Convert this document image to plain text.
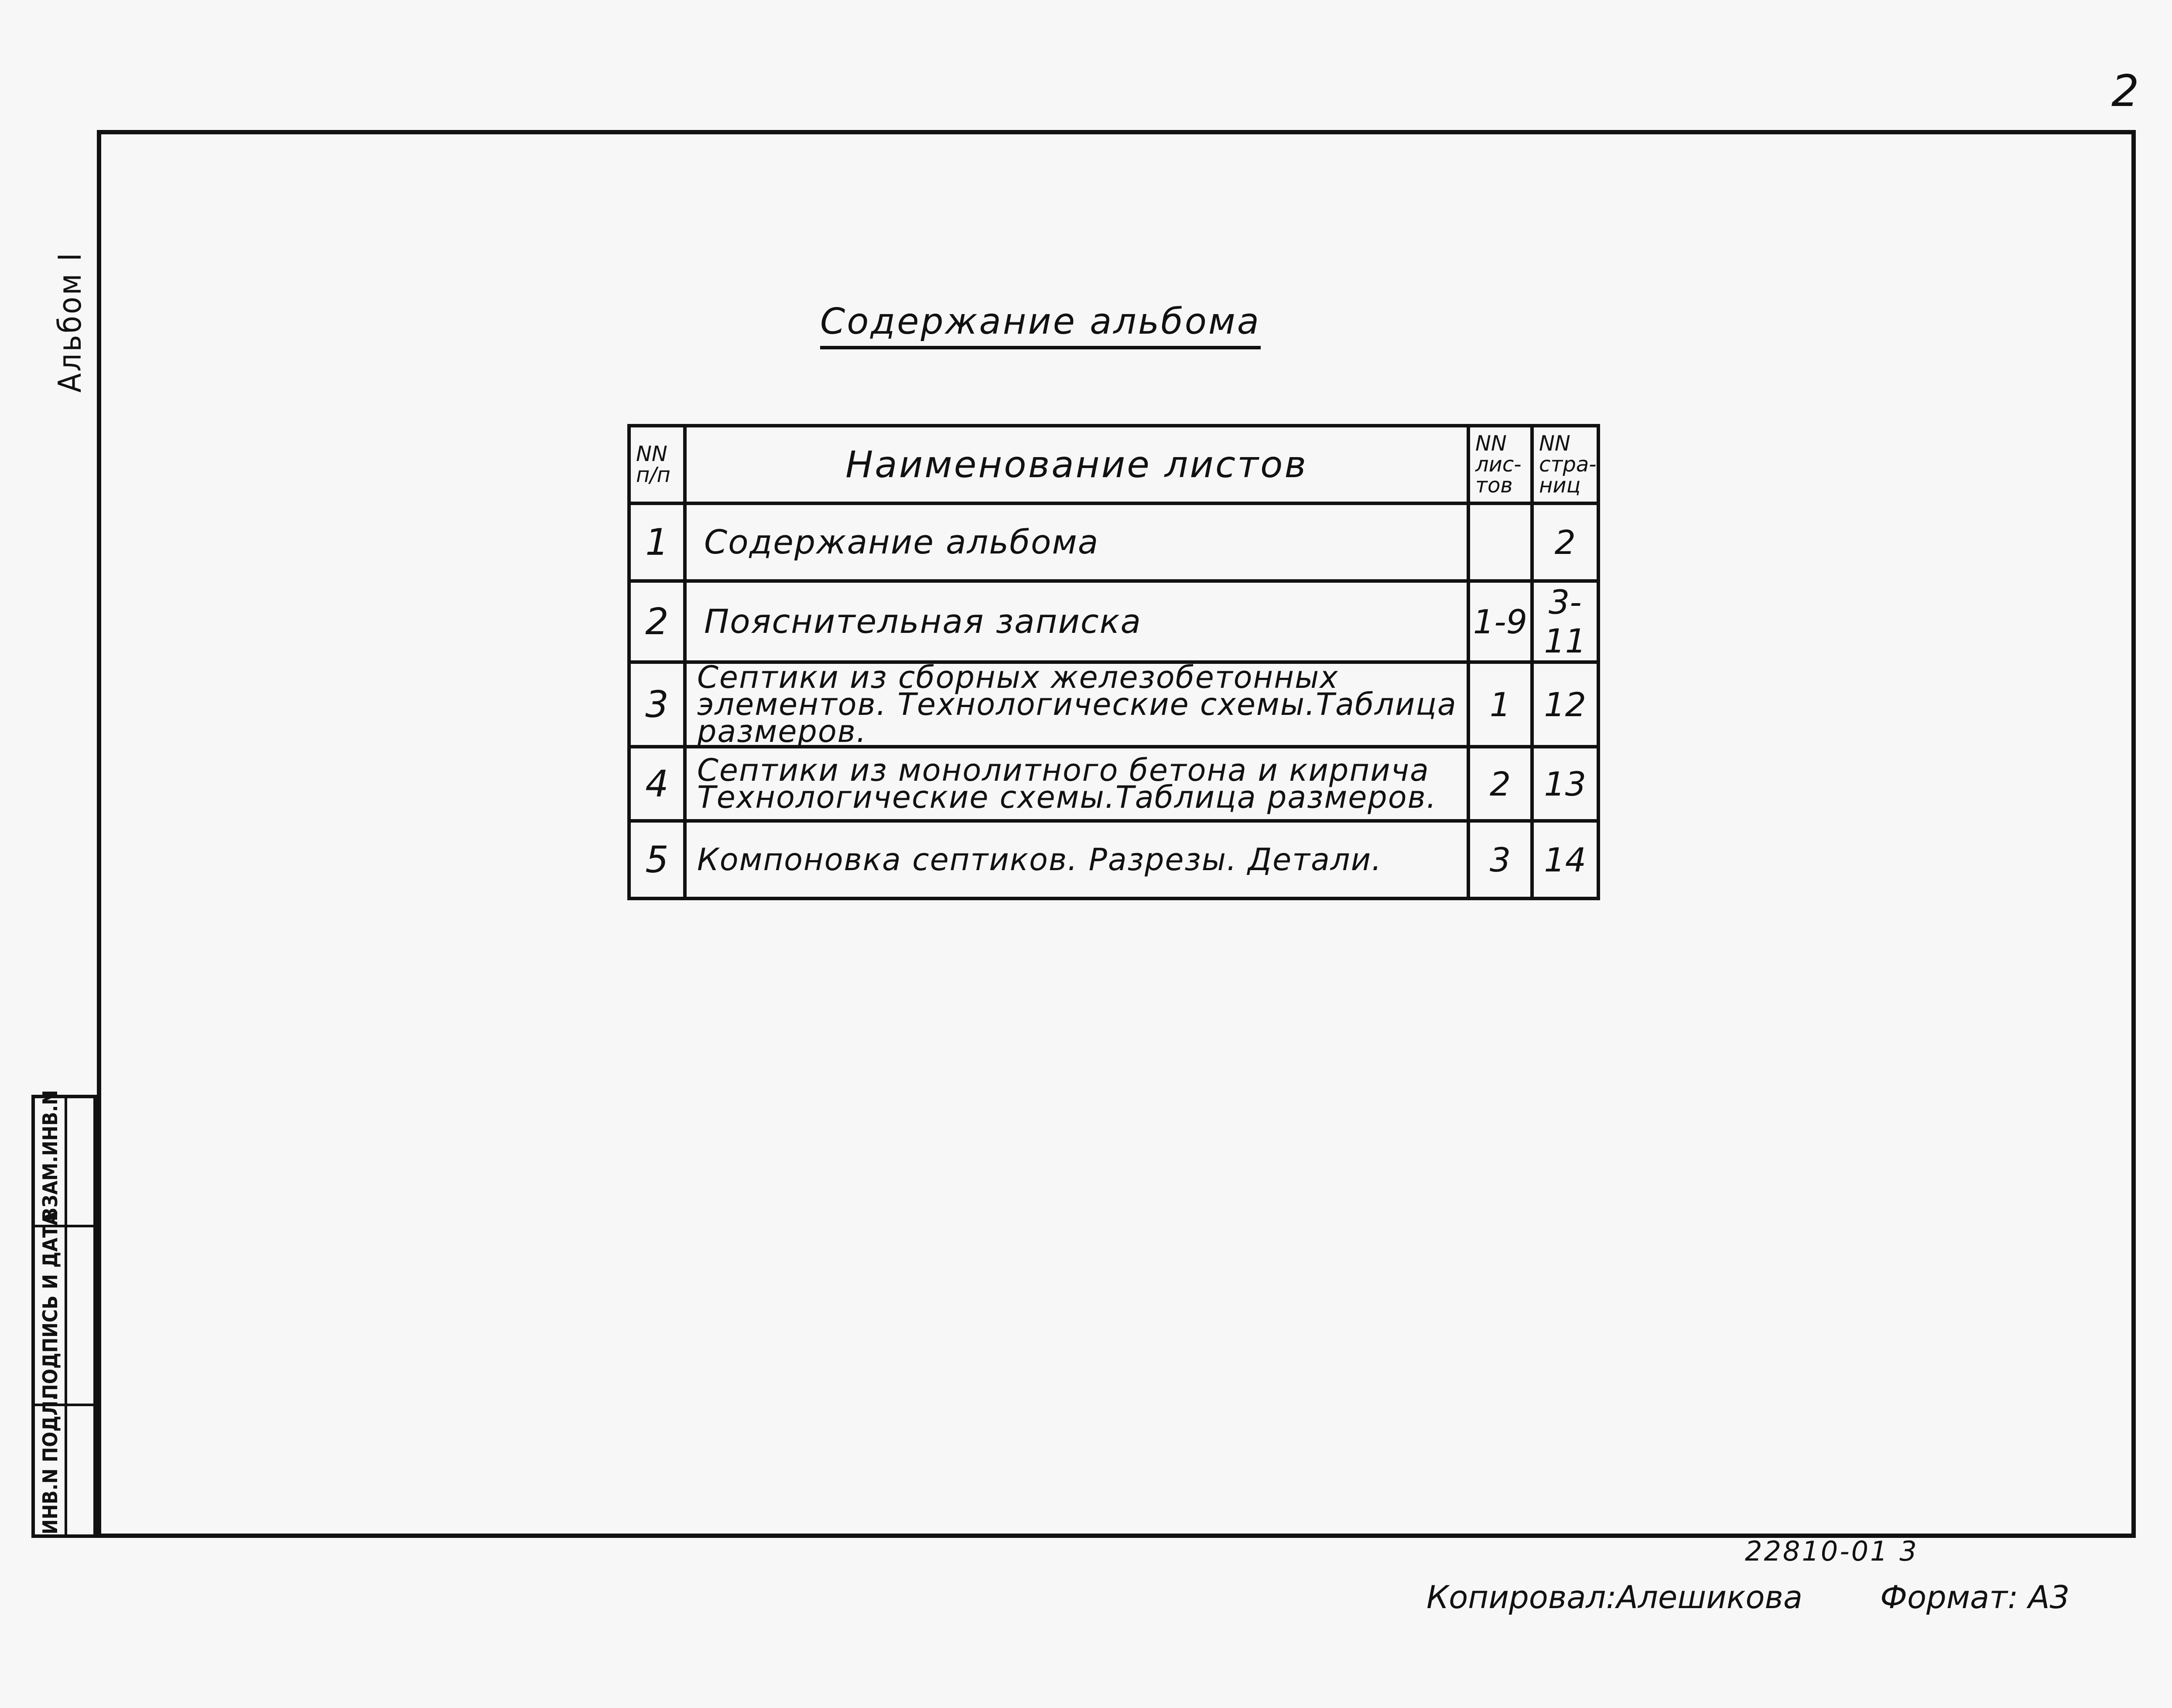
2
Альбом I
ИНВ.N ПОДЛ.
ПОДПИСЬ И ДАТА
ВЗАМ.ИНВ.N
Содержание альбома
NN п/п	Наименование листов	NN лис- тов	NN стра- ниц
1	Содержание альбома		2
2	Пояснительная записка	1-9	3-11
3	Септики из сборных железобетонных элементов. Технологические схемы.Таблица размеров.	1	12
4	Септики из монолитного бетона и кирпича Технологические схемы.Таблица размеров.	2	13
5	Компоновка септиков. Разрезы. Детали.	3	14
22810-01 3
Копировал:Алешикова Формат: А3
